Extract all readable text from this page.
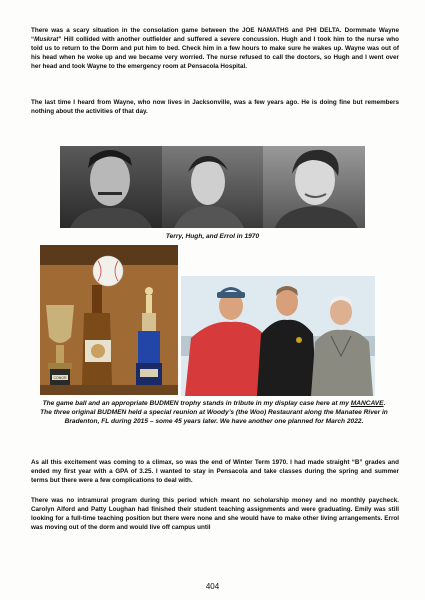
There was a scary situation in the consolation game between the JOE NAMATHS and PHI DELTA. Dormmate Wayne “Muskrat” Hill collided with another outfielder and suffered a severe concussion. Hugh and I took him to the nurse who told us to return to the Dorm and put him to bed. Check him in a few hours to make sure he wakes up. Wayne was out of his head when he woke up and we became very worried. The nurse refused to call the doctors, so Hugh and I went over her head and took Wayne to the emergency room at Pensacola Hospital.

The last time I heard from Wayne, who now lives in Jacksonville, was a few years ago. He is doing fine but remembers nothing about the activities of that day.

Terry, Hugh, and Errol in 1970
CONGR
The game ball and an appropriate BUDMEN trophy stands in tribute in my display case here at my MANCAVE. The three original BUDMEN held a special reunion at Woody’s (the Woo) Restaurant along the Manatee River in Bradenton, FL during 2015 – some 45 years later. We have another one planned for March 2022.

As all this excitement was coming to a climax, so was the end of Winter Term 1970. I had made straight “B” grades and ended my first year with a GPA of 3.25. I wanted to stay in Pensacola and take classes during the spring and summer terms but there were a few complications to deal with.

There was no intramural program during this period which meant no scholarship money and no monthly paycheck. Carolyn Alford and Patty Loughan had finished their student teaching assignments and were graduating. Emily was still looking for a full-time teaching position but there were none and she would have to make other living arrangements. Errol was moving out of the dorm and would live off campus until

404
